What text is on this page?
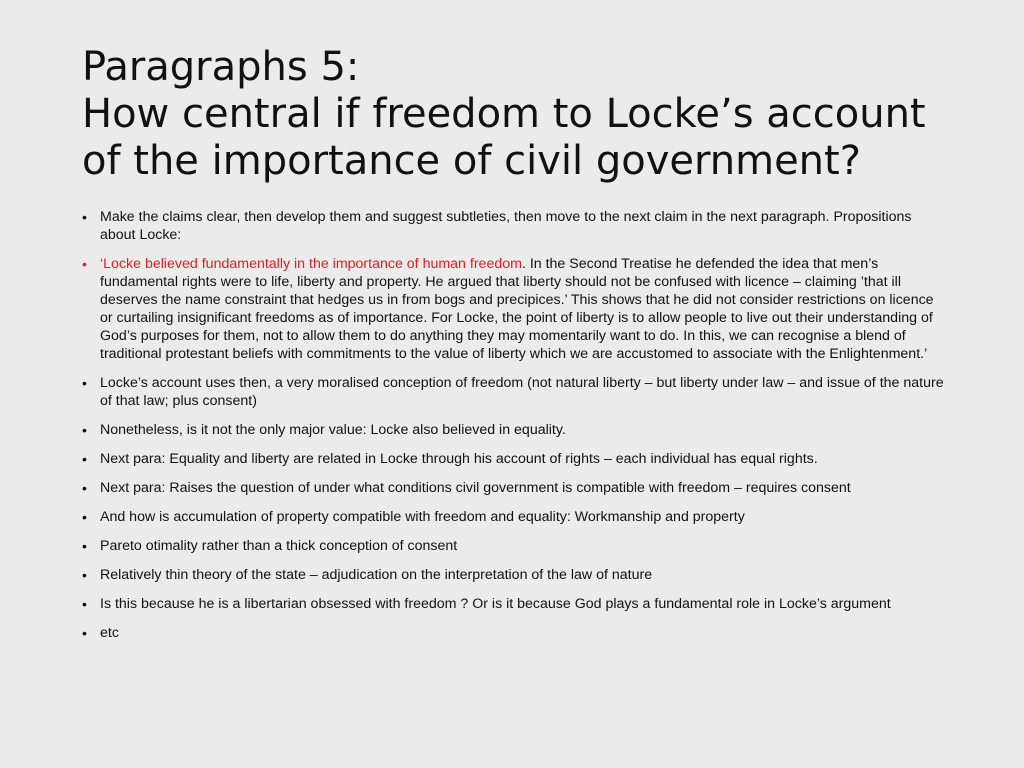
Paragraphs 5:
How central if freedom to Locke’s account
of the importance of civil government?
• Make the claims clear, then develop them and suggest subtleties, then move to the next claim in the next paragraph. Propositions about Locke:
• ‘Locke believed fundamentally in the importance of human freedom. In the Second Treatise he defended the idea that men’s fundamental rights were to life, liberty and property. He argued that liberty should not be confused with licence – claiming ’that ill deserves the name constraint that hedges us in from bogs and precipices.’ This shows that he did not consider restrictions on licence or curtailing insignificant freedoms as of importance. For Locke, the point of liberty is to allow people to live out their understanding of God’s purposes for them, not to allow them to do anything they may momentarily want to do. In this, we can recognise a blend of traditional protestant beliefs with commitments to the value of liberty which we are accustomed to associate with the Enlightenment.’
• Locke’s account uses then, a very moralised conception of freedom (not natural liberty – but liberty under law – and issue of the nature of that law; plus consent)
• Nonetheless, is it not the only major value: Locke also believed in equality.
• Next para: Equality and liberty are related in Locke through his account of rights – each individual has equal rights.
• Next para: Raises the question of under what conditions civil government is compatible with freedom – requires consent
• And how is accumulation of property compatible with freedom and equality: Workmanship and property
• Pareto otimality rather than a thick conception of consent
• Relatively thin theory of the state – adjudication on the interpretation of the law of nature
• Is this because he is a libertarian obsessed with freedom ? Or is it because God plays a fundamental role in Locke’s argument
• etc
